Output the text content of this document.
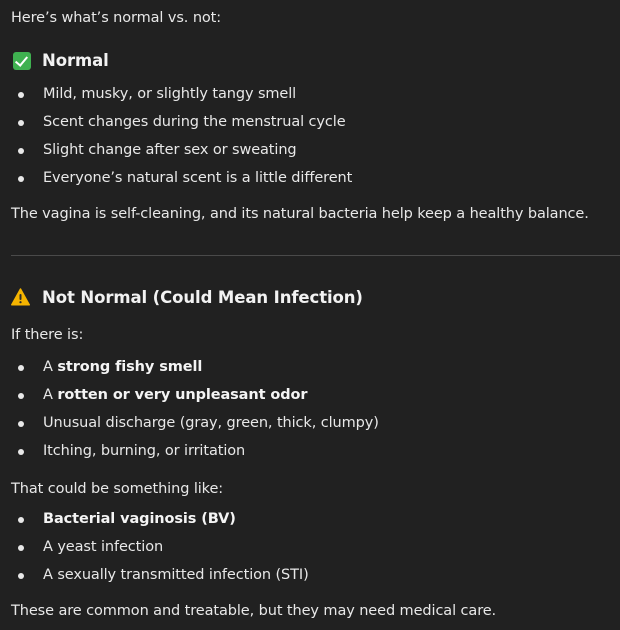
Here’s what’s normal vs. not:

Normal
Mild, musky, or slightly tangy smell
Scent changes during the menstrual cycle
Slight change after sex or sweating
Everyone’s natural scent is a little different

The vagina is self-cleaning, and its natural bacteria help keep a healthy balance.

Not Normal (Could Mean Infection)

If there is:

A strong fishy smell
A rotten or very unpleasant odor
Unusual discharge (gray, green, thick, clumpy)
Itching, burning, or irritation

That could be something like:

Bacterial vaginosis (BV)
A yeast infection
A sexually transmitted infection (STI)

These are common and treatable, but they may need medical care.
